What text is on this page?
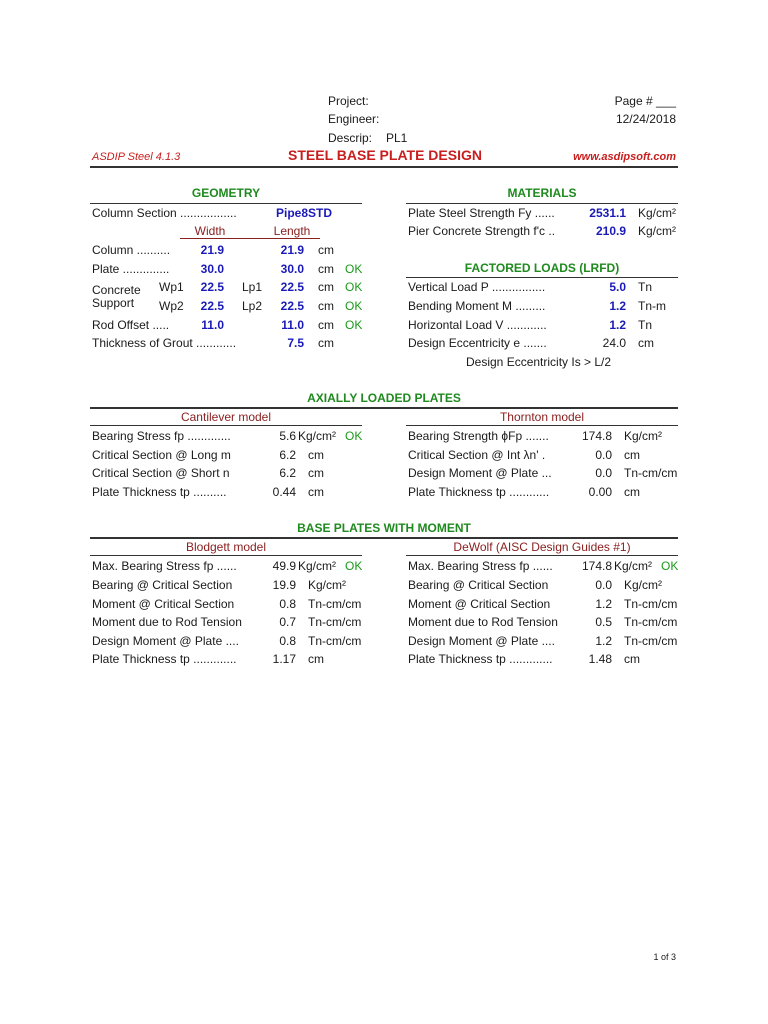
Project:
Engineer:
Descrip: PL1
Page # ___
12/24/2018
ASDIP Steel 4.1.3	STEEL BASE PLATE DESIGN	www.asdipsoft.com
GEOMETRY
Column Section .................	Pipe8STD
Width	Length
Column ..........	21.9	21.9 cm
Plate ..............	30.0	30.0 cm OK
Concrete
Support
Wp1	22.5 Lp1	22.5 cm OK
Wp2	22.5 Lp2	22.5 cm OK
Rod Offset .....	11.0	11.0 cm OK
Thickness of Grout ............	7.5 cm
MATERIALS
Plate Steel Strength Fy ......	2531.1 Kg/cm²
Pier Concrete Strength f'c ..	210.9 Kg/cm²
FACTORED LOADS (LRFD)
Vertical Load P ................	5.0 Tn
Bending Moment M .........	1.2 Tn-m
Horizontal Load V ............	1.2 Tn
Design Eccentricity e .......	24.0 cm
Design Eccentricity Is > L/2
AXIALLY LOADED PLATES
Cantilever model	Thornton model
Bearing Stress fp .............	5.6 Kg/cm² OK
Critical Section @ Long m	6.2 cm
Critical Section @ Short n	6.2 cm
Plate Thickness tp ..........	0.44 cm
Bearing Strength ϕFp .......	174.8 Kg/cm²
Critical Section @ Int λn' .	0.0 cm
Design Moment @ Plate ...	0.0 Tn-cm/cm
Plate Thickness tp ............	0.00 cm
BASE PLATES WITH MOMENT
Blodgett model	DeWolf (AISC Design Guides #1)
Max. Bearing Stress fp ......	49.9 Kg/cm² OK
Bearing @ Critical Section	19.9 Kg/cm²
Moment @ Critical Section	0.8 Tn-cm/cm
Moment due to Rod Tension	0.7 Tn-cm/cm
Design Moment @ Plate ....	0.8 Tn-cm/cm
Plate Thickness tp .............	1.17 cm
Max. Bearing Stress fp ......	174.8 Kg/cm² OK
Bearing @ Critical Section	0.0 Kg/cm²
Moment @ Critical Section	1.2 Tn-cm/cm
Moment due to Rod Tension	0.5 Tn-cm/cm
Design Moment @ Plate ....	1.2 Tn-cm/cm
Plate Thickness tp .............	1.48 cm
1 of 3
